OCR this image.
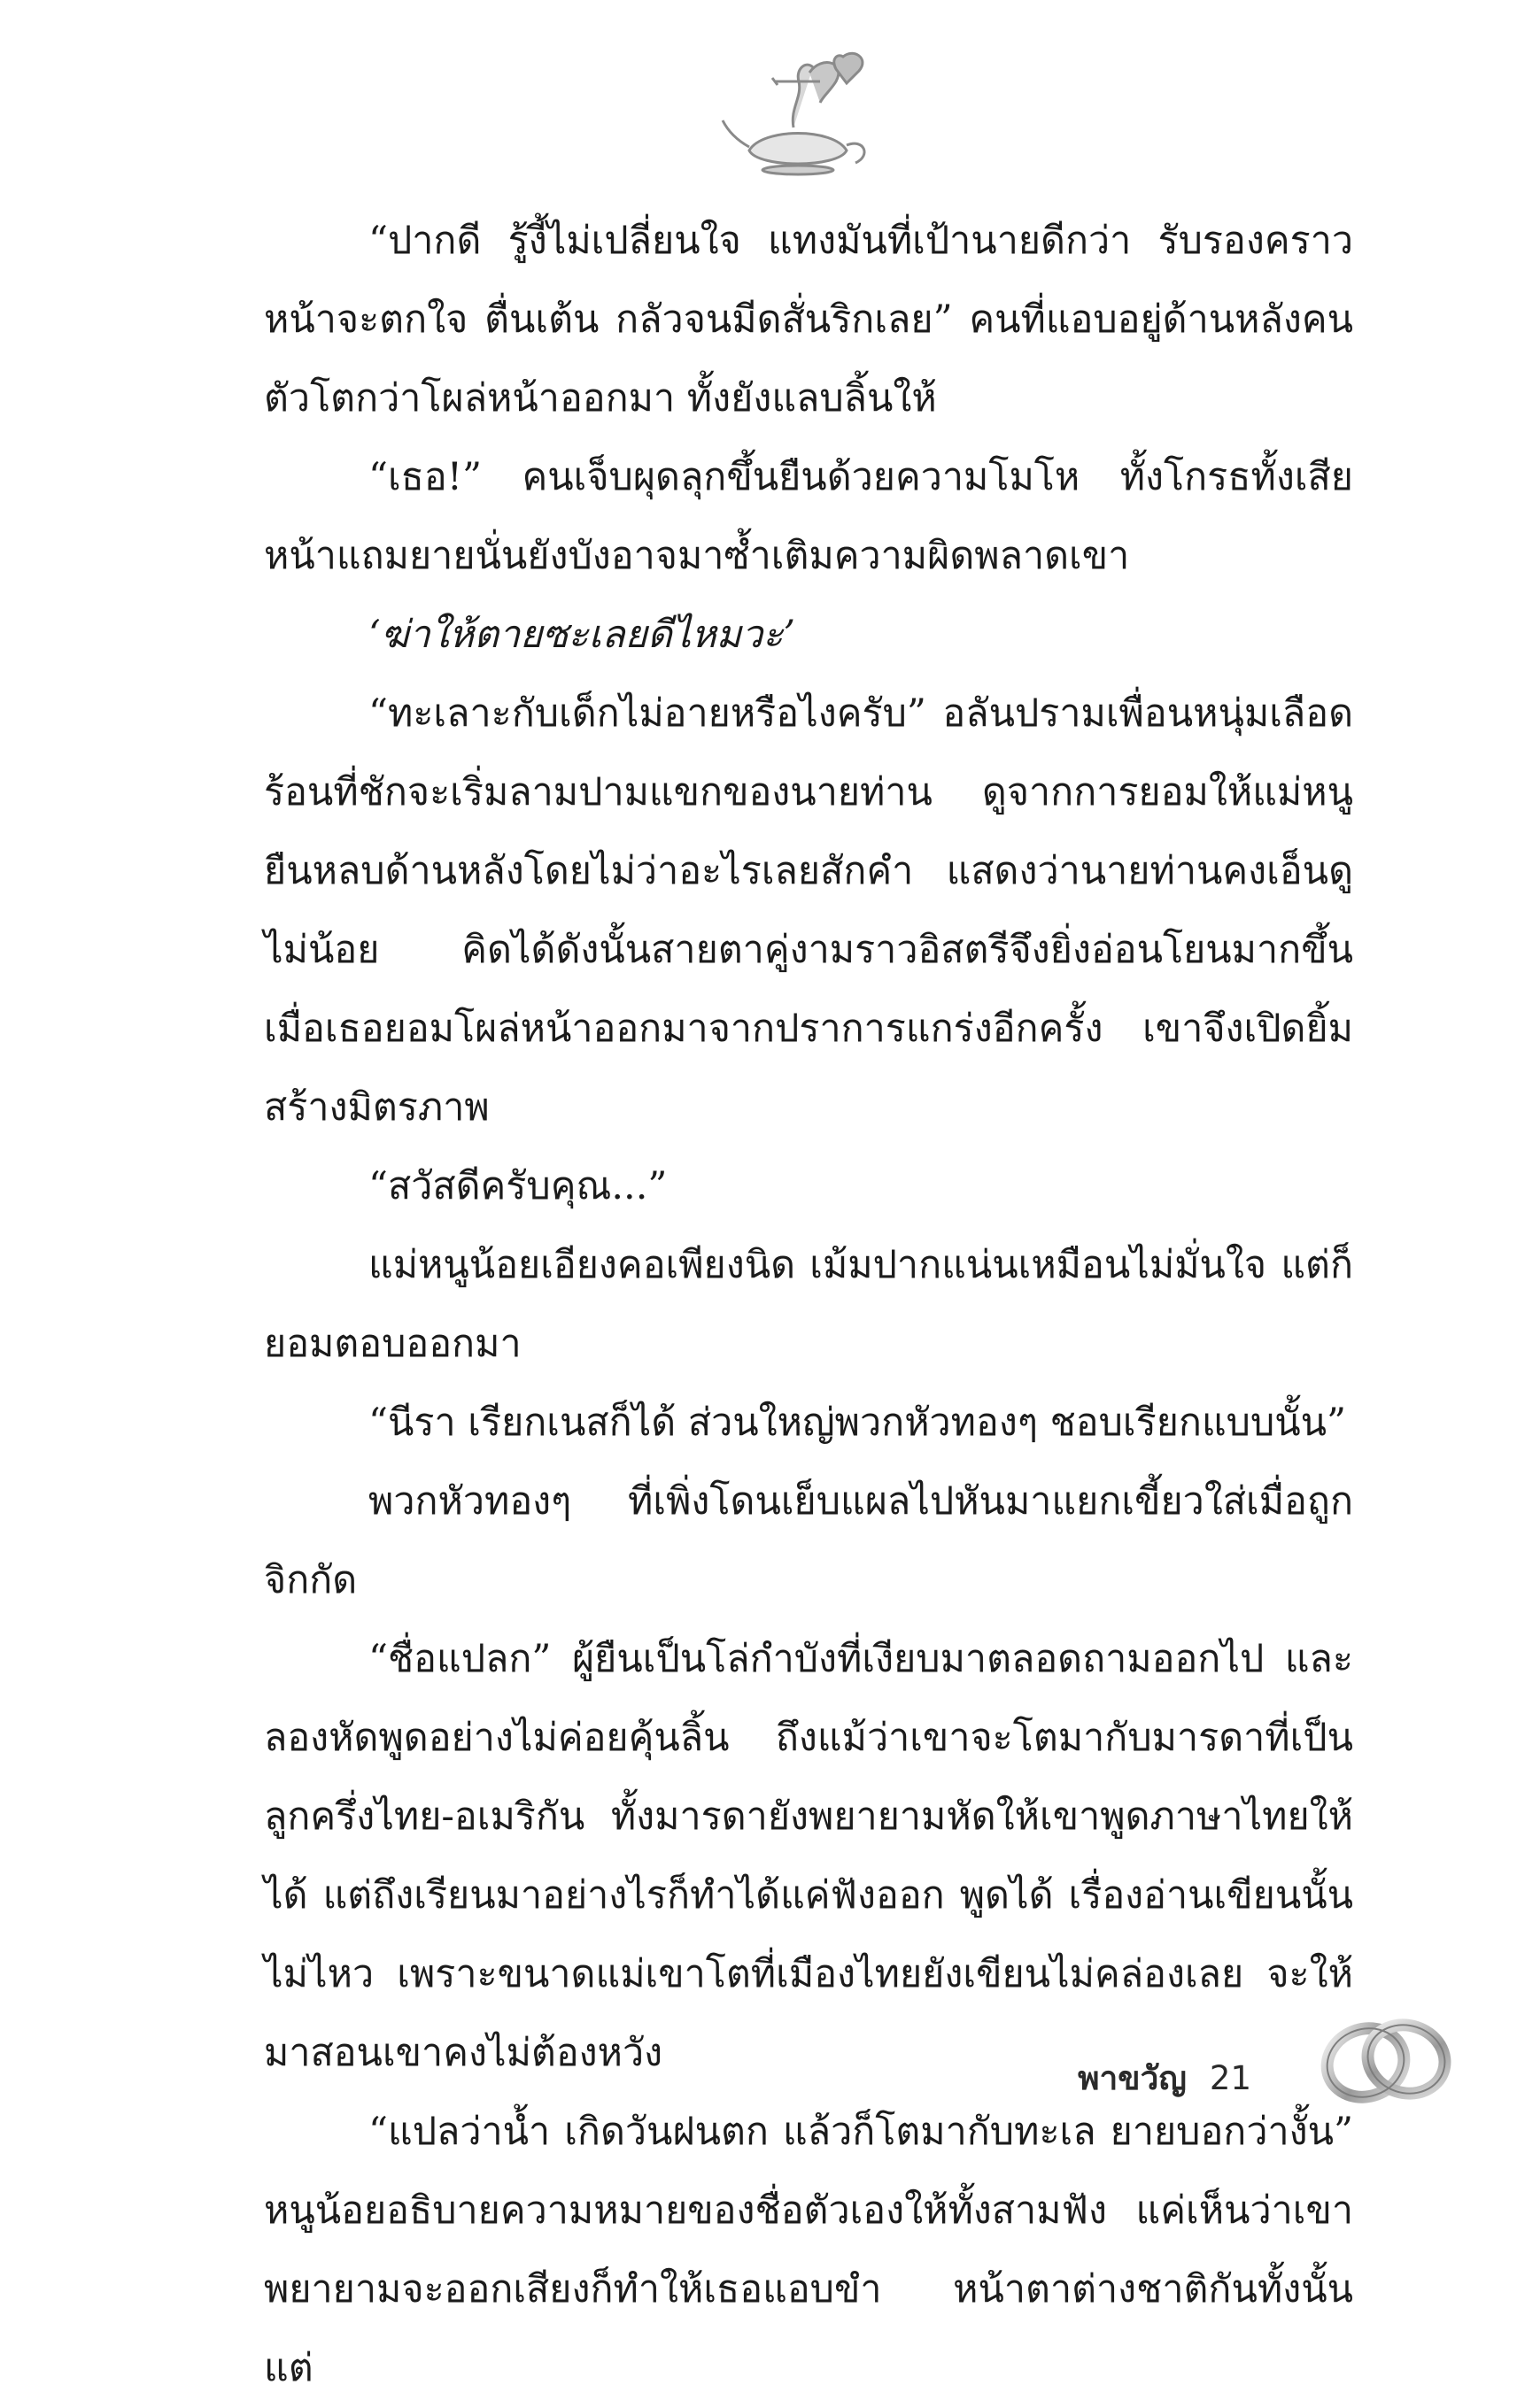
“ปากดี รู้งี้ไม่เปลี่ยนใจ แทงมันที่เป้านายดีกว่า รับรองคราวหน้าจะตกใจ ตื่นเต้น กลัวจนมีดสั่นริกเลย” คนที่แอบอยู่ด้านหลังคนตัวโตกว่าโผล่หน้าออกมา ทั้งยังแลบลิ้นให้

“เธอ!” คนเจ็บผุดลุกขึ้นยืนด้วยความโมโห ทั้งโกรธทั้งเสียหน้าแถมยายนั่นยังบังอาจมาซ้ำเติมความผิดพลาดเขา

‘ฆ่าให้ตายซะเลยดีไหมวะ’

“ทะเลาะกับเด็กไม่อายหรือไงครับ” อลันปรามเพื่อนหนุ่มเลือดร้อนที่ชักจะเริ่มลามปามแขกของนายท่าน ดูจากการยอมให้แม่หนูยืนหลบด้านหลังโดยไม่ว่าอะไรเลยสักคำ แสดงว่านายท่านคงเอ็นดูไม่น้อย คิดได้ดังนั้นสายตาคู่งามราวอิสตรีจึงยิ่งอ่อนโยนมากขึ้น เมื่อเธอยอมโผล่หน้าออกมาจากปราการแกร่งอีกครั้ง เขาจึงเปิดยิ้มสร้างมิตรภาพ

“สวัสดีครับคุณ...”

แม่หนูน้อยเอียงคอเพียงนิด เม้มปากแน่นเหมือนไม่มั่นใจ แต่ก็ยอมตอบออกมา

“นีรา เรียกเนสก็ได้ ส่วนใหญ่พวกหัวทองๆ ชอบเรียกแบบนั้น”

พวกหัวทองๆ ที่เพิ่งโดนเย็บแผลไปหันมาแยกเขี้ยวใส่เมื่อถูกจิกกัด

“ชื่อแปลก” ผู้ยืนเป็นโล่กำบังที่เงียบมาตลอดถามออกไป และลองหัดพูดอย่างไม่ค่อยคุ้นลิ้น ถึงแม้ว่าเขาจะโตมากับมารดาที่เป็นลูกครึ่งไทย-อเมริกัน ทั้งมารดายังพยายามหัดให้เขาพูดภาษาไทยให้ได้ แต่ถึงเรียนมาอย่างไรก็ทำได้แค่ฟังออก พูดได้ เรื่องอ่านเขียนนั้นไม่ไหว เพราะขนาดแม่เขาโตที่เมืองไทยยังเขียนไม่คล่องเลย จะให้มาสอนเขาคงไม่ต้องหวัง

“แปลว่าน้ำ เกิดวันฝนตก แล้วก็โตมากับทะเล ยายบอกว่างั้น” หนูน้อยอธิบายความหมายของชื่อตัวเองให้ทั้งสามฟัง แค่เห็นว่าเขาพยายามจะออกเสียงก็ทำให้เธอแอบขำ หน้าตาต่างชาติกันทั้งนั้น แต่

พาขวัญ 21
